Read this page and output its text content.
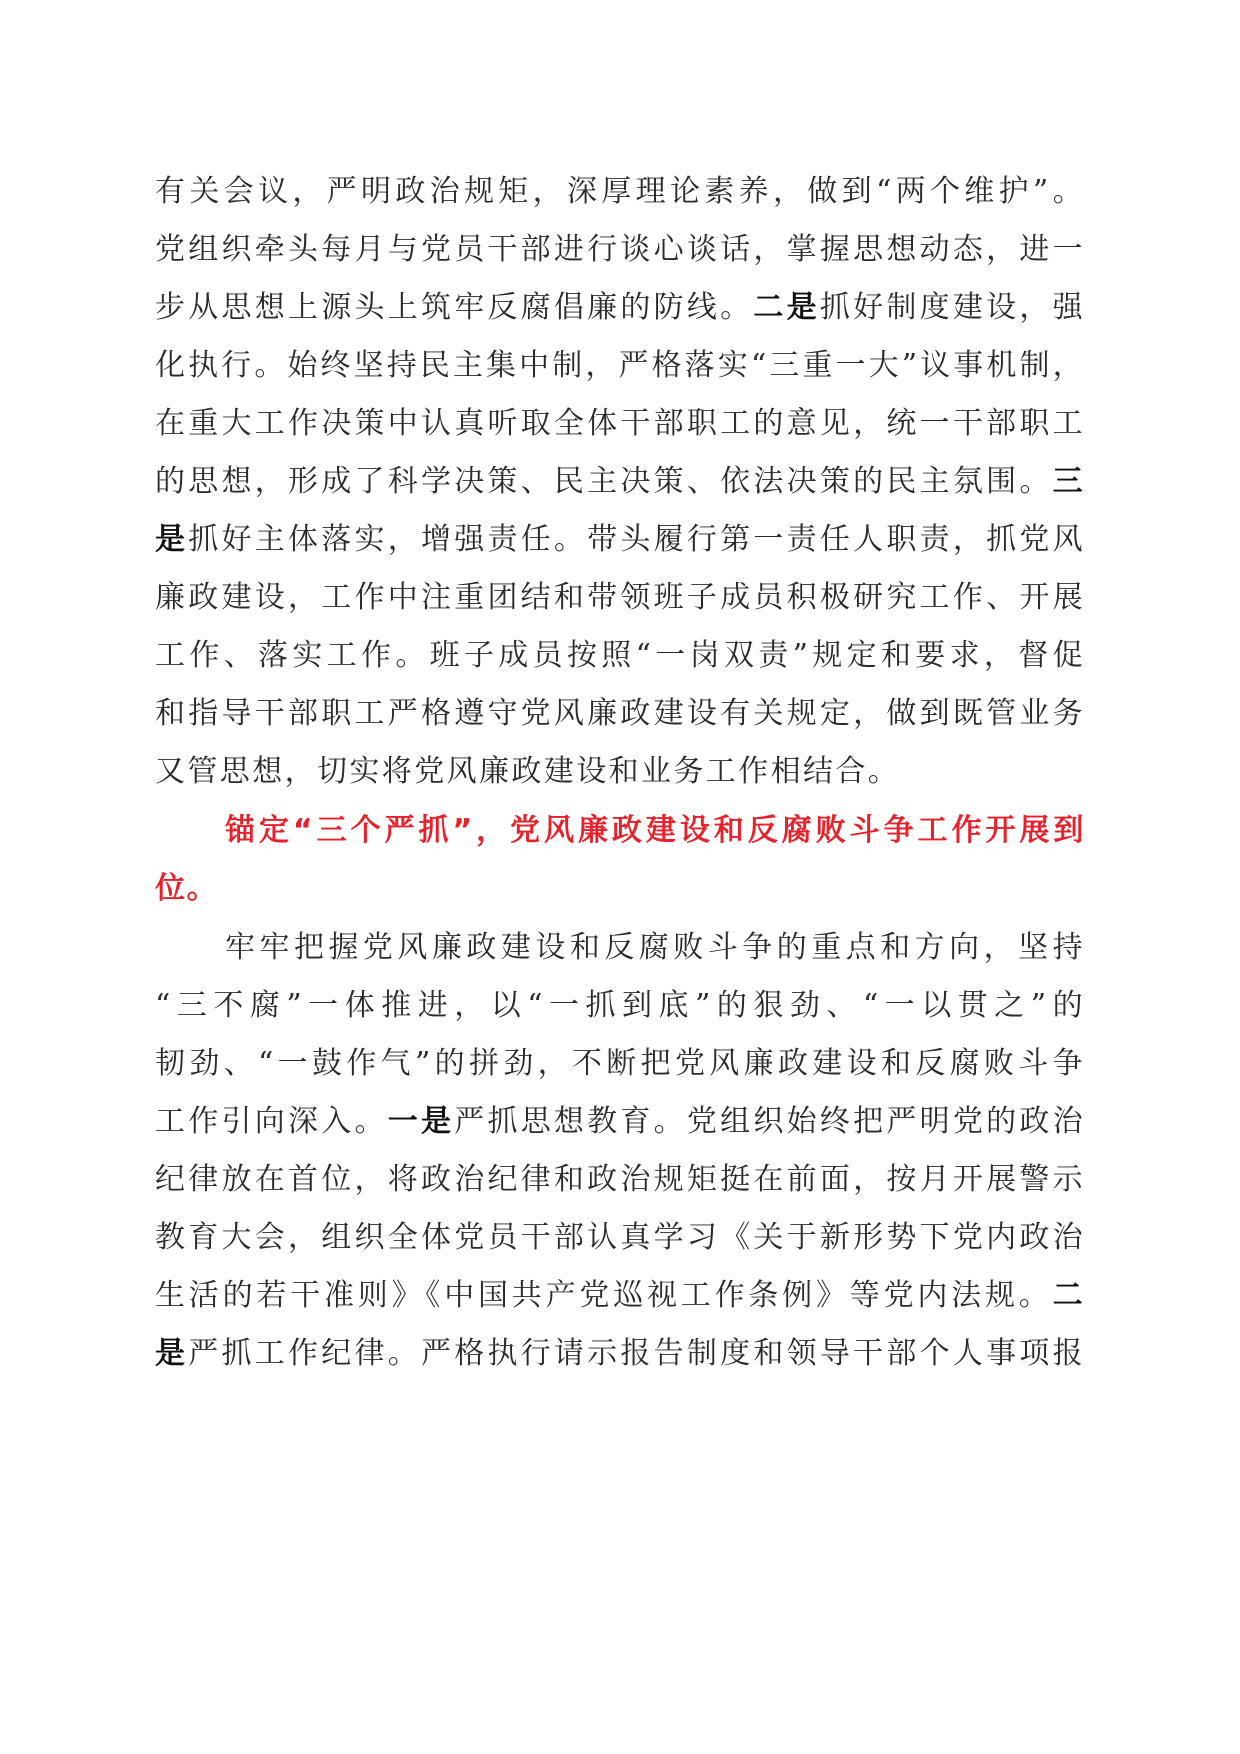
有关会议，严明政治规矩，深厚理论素养，做到“两个维护”。
党组织牵头每月与党员干部进行谈心谈话，掌握思想动态，进一
步从思想上源头上筑牢反腐倡廉的防线。二是抓好制度建设，强
化执行。始终坚持民主集中制，严格落实“三重一大”议事机制，
在重大工作决策中认真听取全体干部职工的意见，统一干部职工
的思想，形成了科学决策、民主决策、依法决策的民主氛围。三
是抓好主体落实，增强责任。带头履行第一责任人职责，抓党风
廉政建设，工作中注重团结和带领班子成员积极研究工作、开展
工作、落实工作。班子成员按照“一岗双责”规定和要求，督促
和指导干部职工严格遵守党风廉政建设有关规定，做到既管业务
又管思想，切实将党风廉政建设和业务工作相结合。
锚定“三个严抓”，党风廉政建设和反腐败斗争工作开展到
位。
牢牢把握党风廉政建设和反腐败斗争的重点和方向，坚持
“三不腐”一体推进，以“一抓到底”的狠劲、“一以贯之”的
韧劲、“一鼓作气”的拼劲，不断把党风廉政建设和反腐败斗争
工作引向深入。一是严抓思想教育。党组织始终把严明党的政治
纪律放在首位，将政治纪律和政治规矩挺在前面，按月开展警示
教育大会，组织全体党员干部认真学习《关于新形势下党内政治
生活的若干准则》《中国共产党巡视工作条例》等党内法规。二
是严抓工作纪律。严格执行请示报告制度和领导干部个人事项报
